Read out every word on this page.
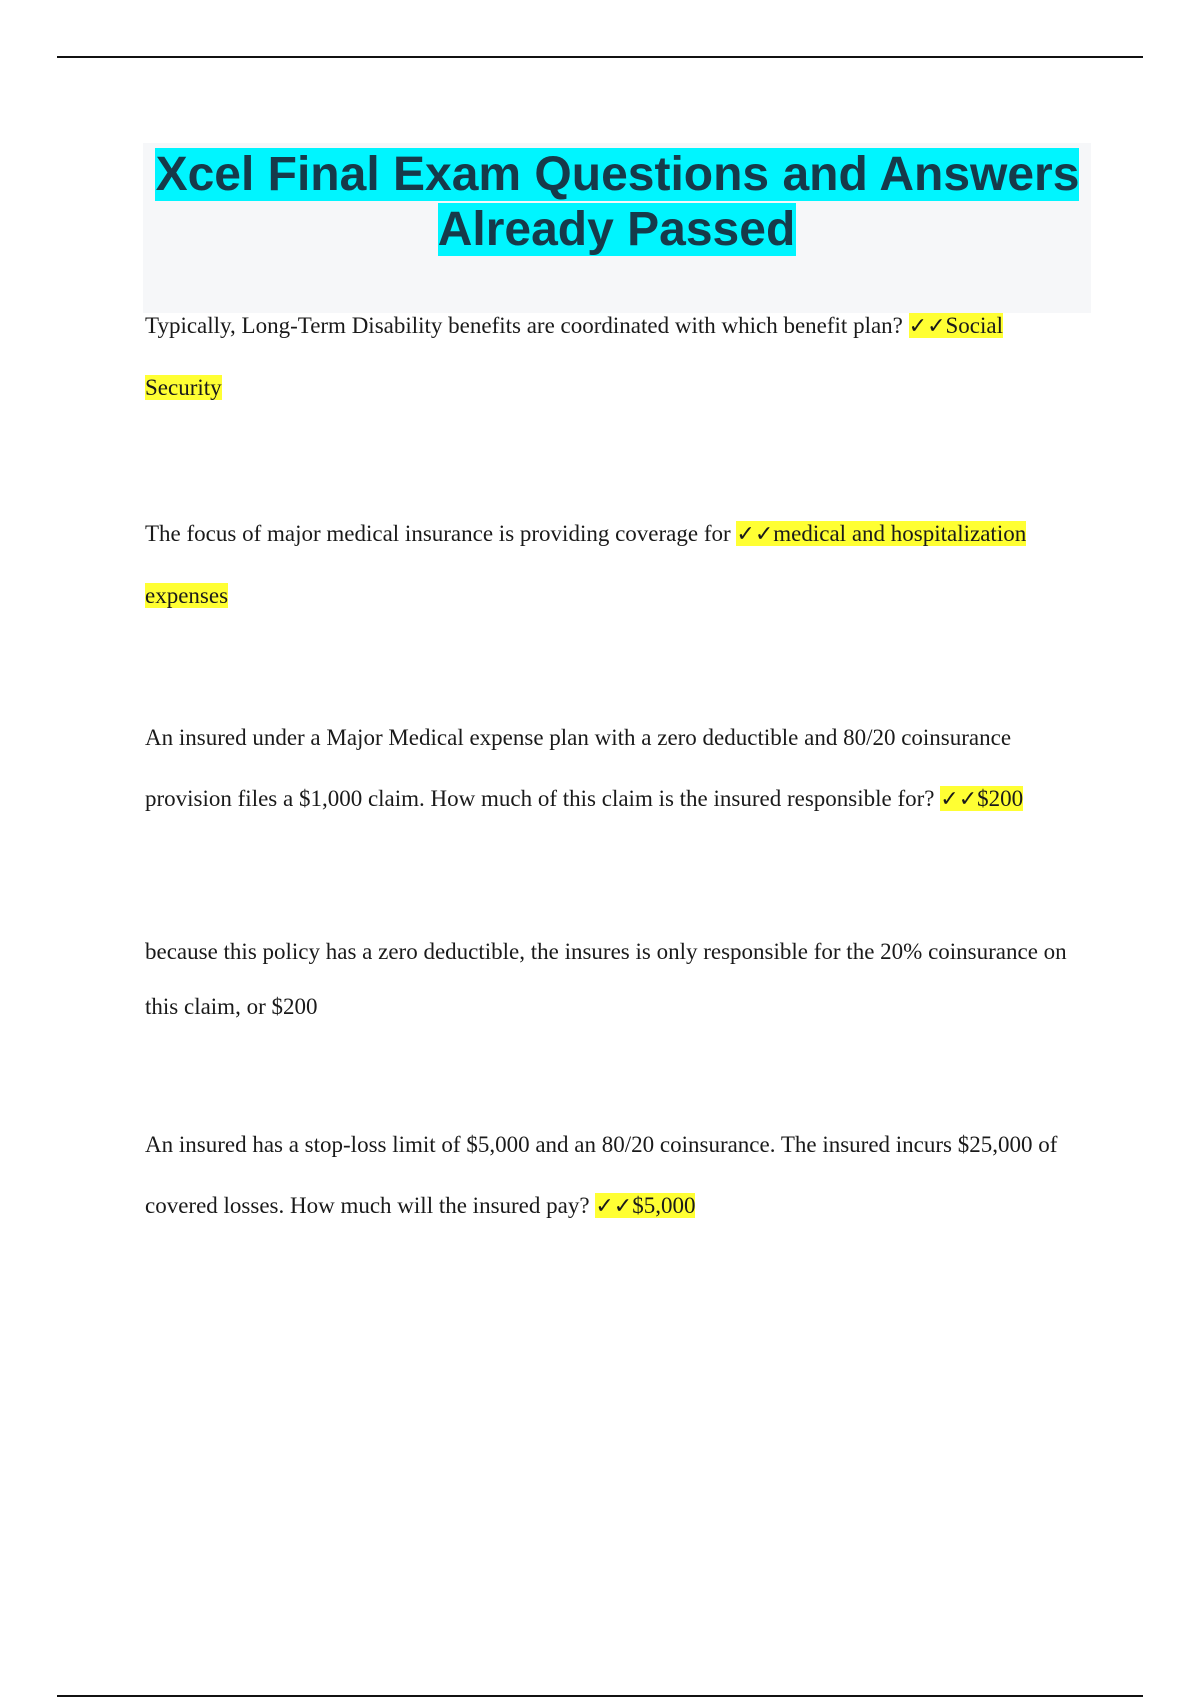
Xcel Final Exam Questions and Answers Already Passed

Typically, Long-Term Disability benefits are coordinated with which benefit plan? ✓✓Social Security

The focus of major medical insurance is providing coverage for ✓✓medical and hospitalization expenses

An insured under a Major Medical expense plan with a zero deductible and 80/20 coinsurance provision files a $1,000 claim. How much of this claim is the insured responsible for? ✓✓$200

because this policy has a zero deductible, the insures is only responsible for the 20% coinsurance on this claim, or $200

An insured has a stop-loss limit of $5,000 and an 80/20 coinsurance. The insured incurs $25,000 of covered losses. How much will the insured pay? ✓✓$5,000
